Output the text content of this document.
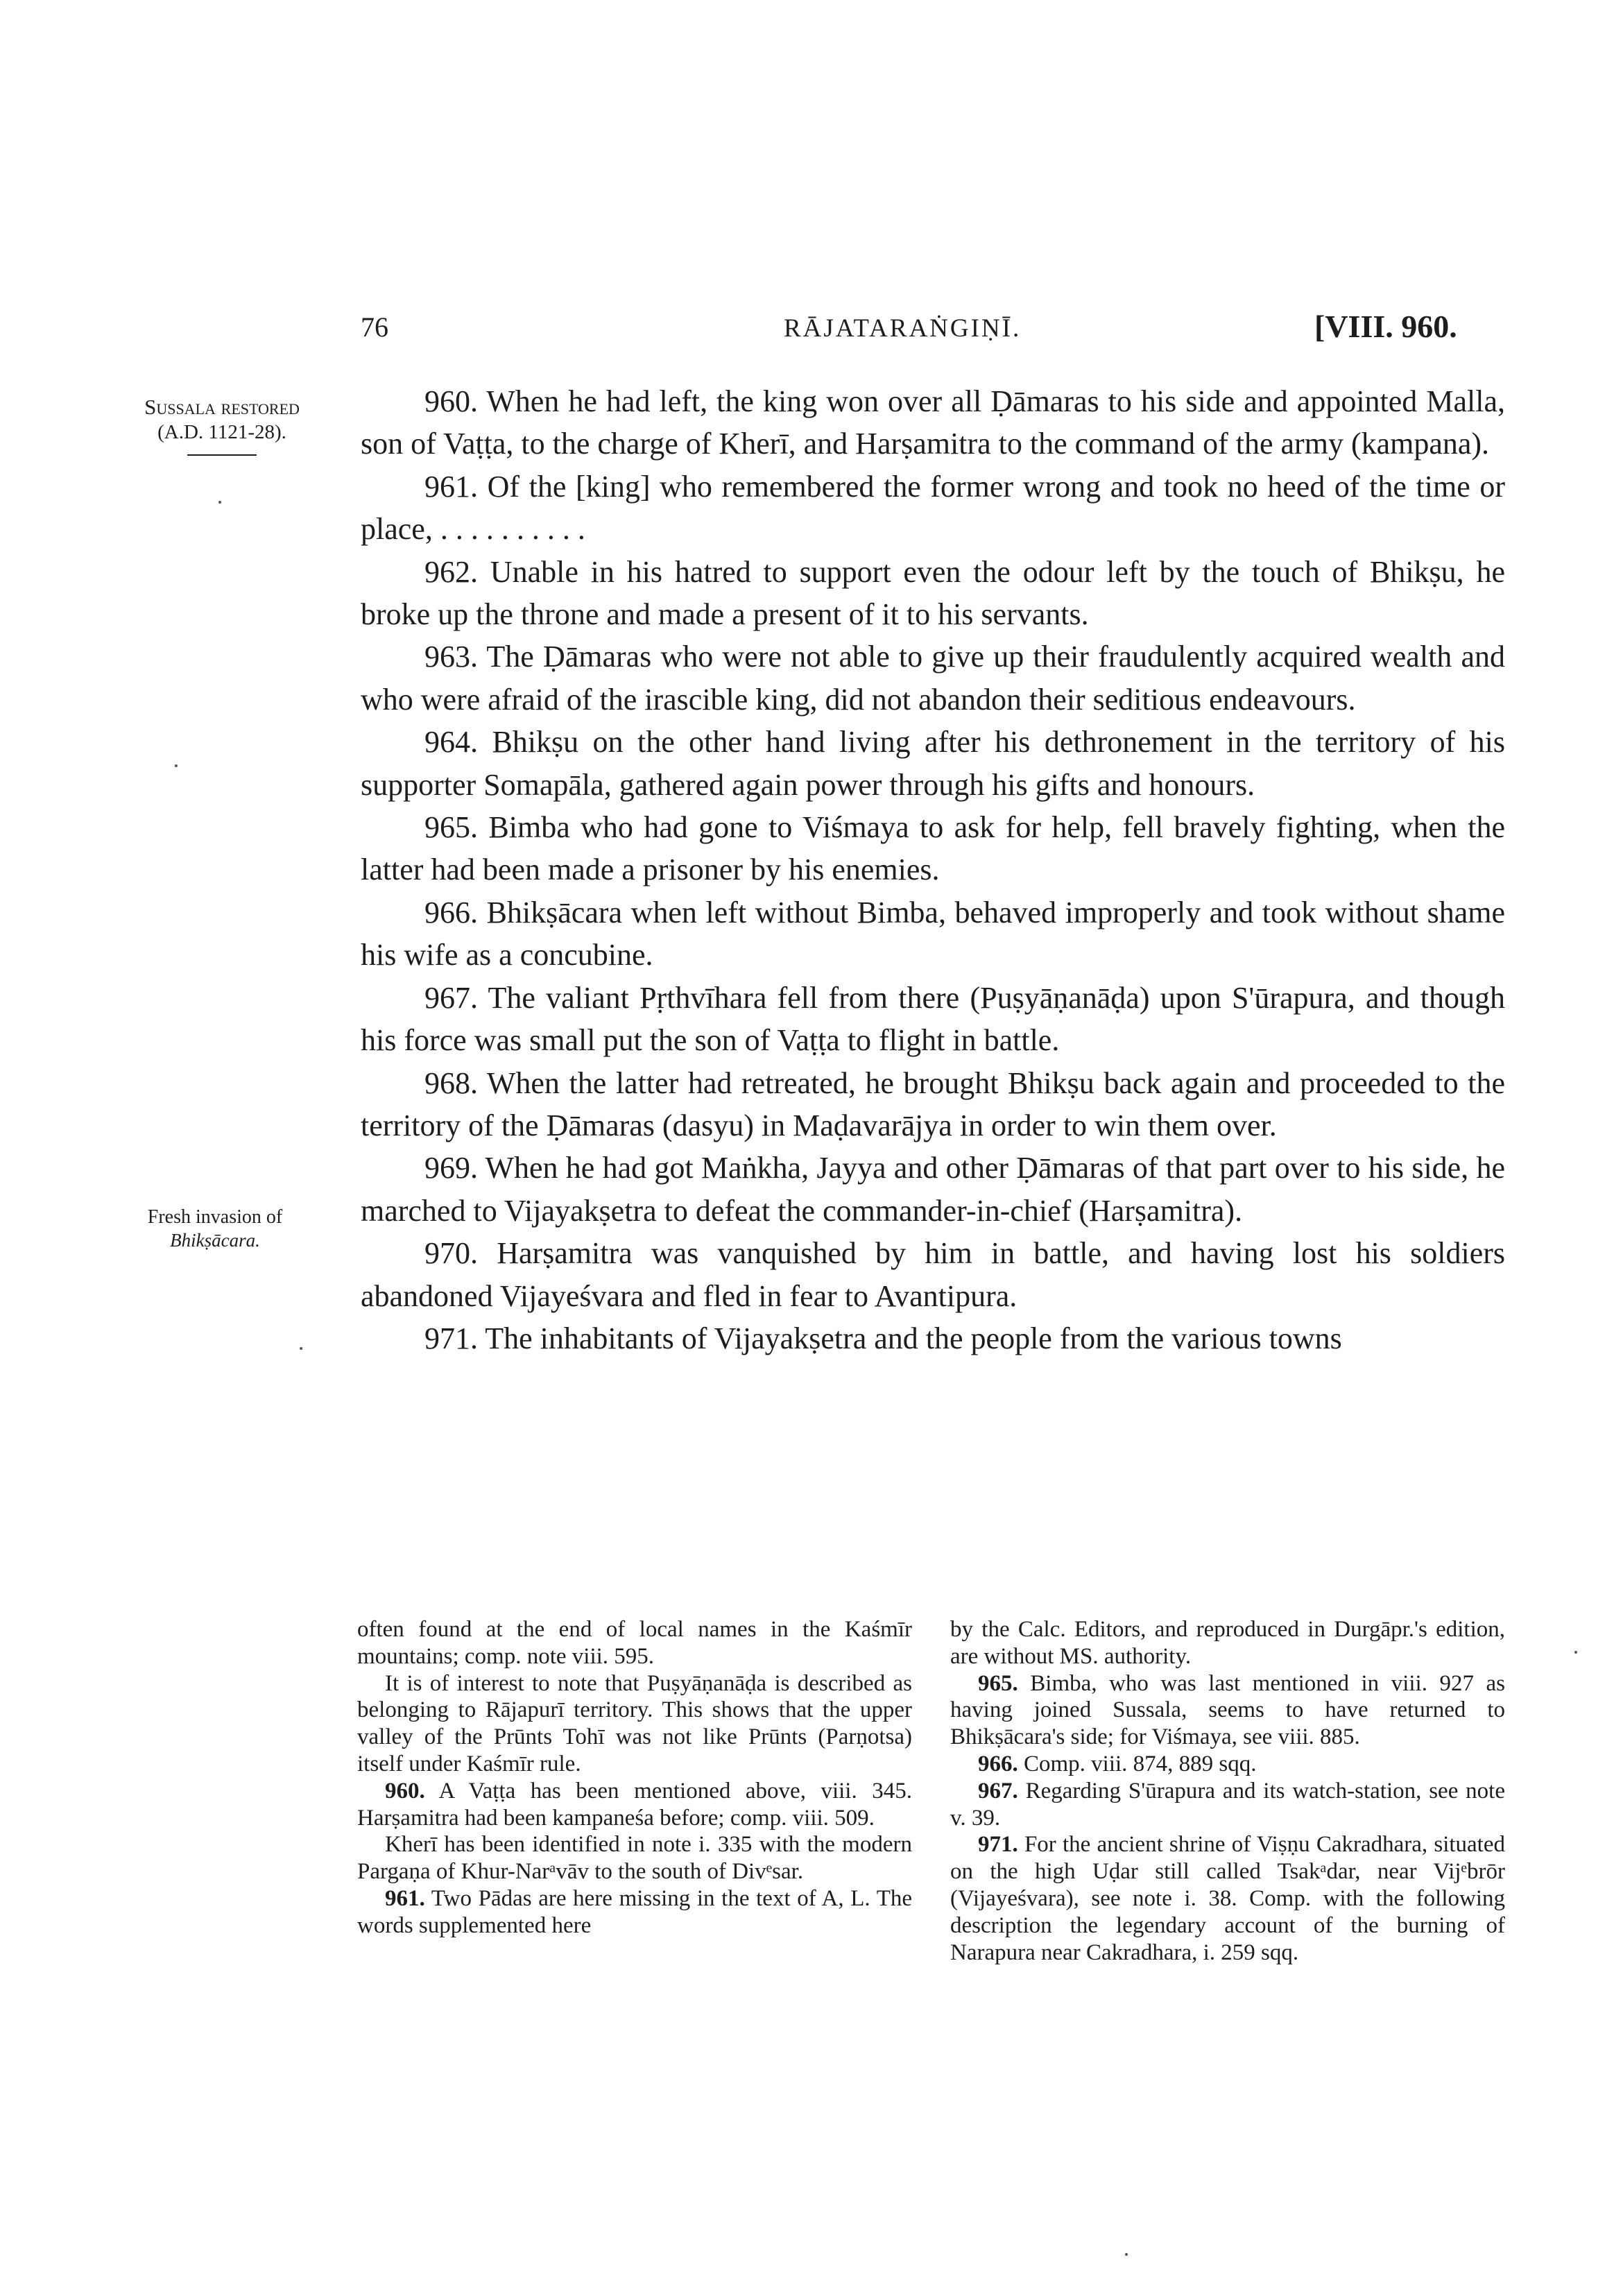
76	RĀJATARAṄGIṆĪ.	[VIII. 960.
Sussala restored
(A.D. 1121-28).
Fresh invasion of
Bhikṣācara.

960. When he had left, the king won over all Ḍāmaras to his side and appointed Malla, son of Vaṭṭa, to the charge of Kherī, and Harṣamitra to the command of the army (kampana).

961. Of the [king] who remembered the former wrong and took no heed of the time or place, . . . . . . . . . .

962. Unable in his hatred to support even the odour left by the touch of Bhikṣu, he broke up the throne and made a present of it to his servants.

963. The Ḍāmaras who were not able to give up their fraudulently acquired wealth and who were afraid of the irascible king, did not abandon their seditious endeavours.

964. Bhikṣu on the other hand living after his dethronement in the territory of his supporter Somapāla, gathered again power through his gifts and honours.

965. Bimba who had gone to Viśmaya to ask for help, fell bravely fighting, when the latter had been made a prisoner by his enemies.

966. Bhikṣācara when left without Bimba, behaved improperly and took without shame his wife as a concubine.

967. The valiant Pṛthvīhara fell from there (Puṣyāṇanāḍa) upon S'ūrapura, and though his force was small put the son of Vaṭṭa to flight in battle.

968. When the latter had retreated, he brought Bhikṣu back again and proceeded to the territory of the Ḍāmaras (dasyu) in Maḍavarājya in order to win them over.

969. When he had got Maṅkha, Jayya and other Ḍāmaras of that part over to his side, he marched to Vijayakṣetra to defeat the commander-in-chief (Harṣamitra).

970. Harṣamitra was vanquished by him in battle, and having lost his soldiers abandoned Vijayeśvara and fled in fear to Avantipura.

971. The inhabitants of Vijayakṣetra and the people from the various towns

often found at the end of local names in the Kaśmīr mountains; comp. note viii. 595.

It is of interest to note that Puṣyāṇanāḍa is described as belonging to Rājapurī territory. This shows that the upper valley of the Prūnts Tohī was not like Prūnts (Parṇotsa) itself under Kaśmīr rule.

960. A Vaṭṭa has been mentioned above, viii. 345. Harṣamitra had been kampaneśa before; comp. viii. 509.

Kherī has been identified in note i. 335 with the modern Pargaṇa of Khur-Narᵃvāv to the south of Divᵉsar.

961. Two Pādas are here missing in the text of A, L. The words supplemented here

by the Calc. Editors, and reproduced in Durgāpr.'s edition, are without MS. authority.

965. Bimba, who was last mentioned in viii. 927 as having joined Sussala, seems to have returned to Bhikṣācara's side; for Viśmaya, see viii. 885.

966. Comp. viii. 874, 889 sqq.

967. Regarding S'ūrapura and its watch-station, see note v. 39.

971. For the ancient shrine of Viṣṇu Cakradhara, situated on the high Uḍar still called Tsakᵃdar, near Vijᵉbrōr (Vijayeśvara), see note i. 38. Comp. with the following description the legendary account of the burning of Narapura near Cakradhara, i. 259 sqq.
